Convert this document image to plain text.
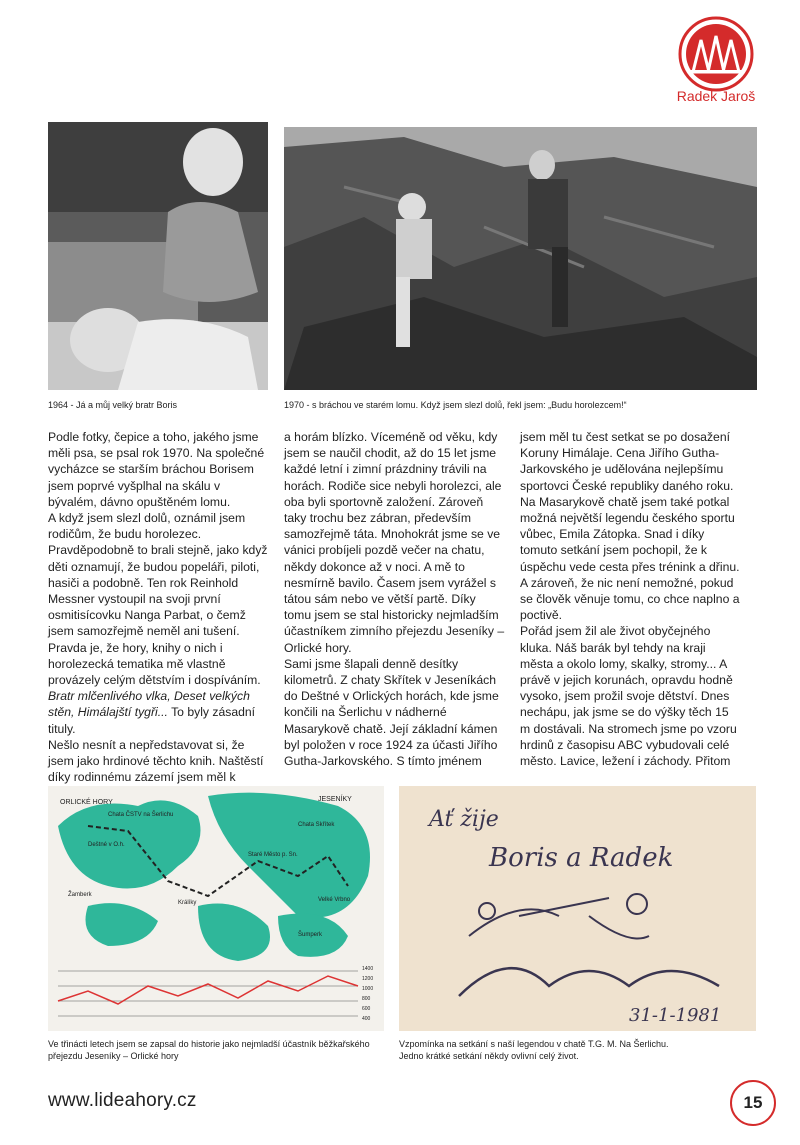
Radek Jaroš
1964 - Já a můj velký bratr Boris	1970 - s bráchou ve starém lomu. Když jsem slezl dolů, řekl jsem: „Budu horolezcem!“

Podle fotky, čepice a toho, jakého jsme měli psa, se psal rok 1970. Na společné vycházce se starším bráchou Borisem jsem poprvé vyšplhal na skálu v bývalém, dávno opuštěném lomu.

A když jsem slezl dolů, oznámil jsem rodičům, že budu horolezec. Pravděpodobně to brali stejně, jako když děti oznamují, že budou popeláři, piloti, hasiči a podobně. Ten rok Reinhold Messner vystoupil na svoji první osmitisícovku Nanga Parbat, o čemž jsem samozřejmě neměl ani tušení. Pravda je, že hory, knihy o nich i horolezecká tematika mě vlastně provázely celým dětstvím i dospíváním. Bratr mlčenlivého vlka, Deset velkých stěn, Himálajští tygři... To byly zásadní tituly.

Nešlo nesnít a nepředstavovat si, že jsem jako hrdinové těchto knih. Naštěstí díky rodinnému zázemí jsem měl k

a horám blízko. Víceméně od věku, kdy jsem se naučil chodit, až do 15 let jsme každé letní i zimní prázdniny trávili na horách. Rodiče sice nebyli horolezci, ale oba byli sportovně založení. Zároveň taky trochu bez zábran, především samozřejmě táta. Mnohokrát jsme se ve vánici probíjeli pozdě večer na chatu, někdy dokonce až v noci. A mě to nesmírně bavilo. Časem jsem vyrážel s tátou sám nebo ve větší partě. Díky tomu jsem se stal historicky nejmladším účastníkem zimního přejezdu Jeseníky – Orlické hory.

Sami jsme šlapali denně desítky kilometrů. Z chaty Skřítek v Jeseníkách do Deštné v Orlických horách, kde jsme končili na Šerlichu v nádherné Masarykově chatě. Její základní kámen byl položen v roce 1924 za účasti Jiřího Gutha-Jarkovského. S tímto jménem

jsem měl tu čest setkat se po dosažení Koruny Himálaje. Cena Jiřího Gutha-Jarkovského je udělována nejlepšímu sportovci České republiky daného roku. Na Masarykově chatě jsem také potkal možná největší legendu českého sportu vůbec, Emila Zátopka. Snad i díky tomuto setkání jsem pochopil, že k úspěchu vede cesta přes trénink a dřinu.

A zároveň, že nic není nemožné, pokud se člověk věnuje tomu, co chce naplno a poctivě.

Pořád jsem žil ale život obyčejného kluka. Náš barák byl tehdy na kraji města a okolo lomy, skalky, stromy... A právě v jejich korunách, opravdu hodně vysoko, jsem prožil svoje dětství. Dnes nechápu, jak jsme se do výšky těch 15 m dostávali. Na stromech jsme po vzoru hrdinů z časopisu ABC vybudovali celé město. Lavice, ležení i záchody. Přitom

Chata ČSTV na Šerlichu
Deštné v O.h.
Žamberk
Králíky
Staré Město p. Sn.
Chata Skřítek
Velké Vrbno
Šumperk
JESENÍKY
ORLICKÉ HORY
1400
1200
1000
800
600
400
Ve třinácti letech jsem se zapsal do historie jako nejmladší účastník běžkařského přejezdu Jeseníky – Orlické hory
Ať žije
Boris a Radek
31-1-1981
Vzpomínka na setkání s naší legendou v chatě T.G. M. Na Šerlichu.
Jedno krátké setkání někdy ovlivní celý život.
www.lideahory.cz	15
